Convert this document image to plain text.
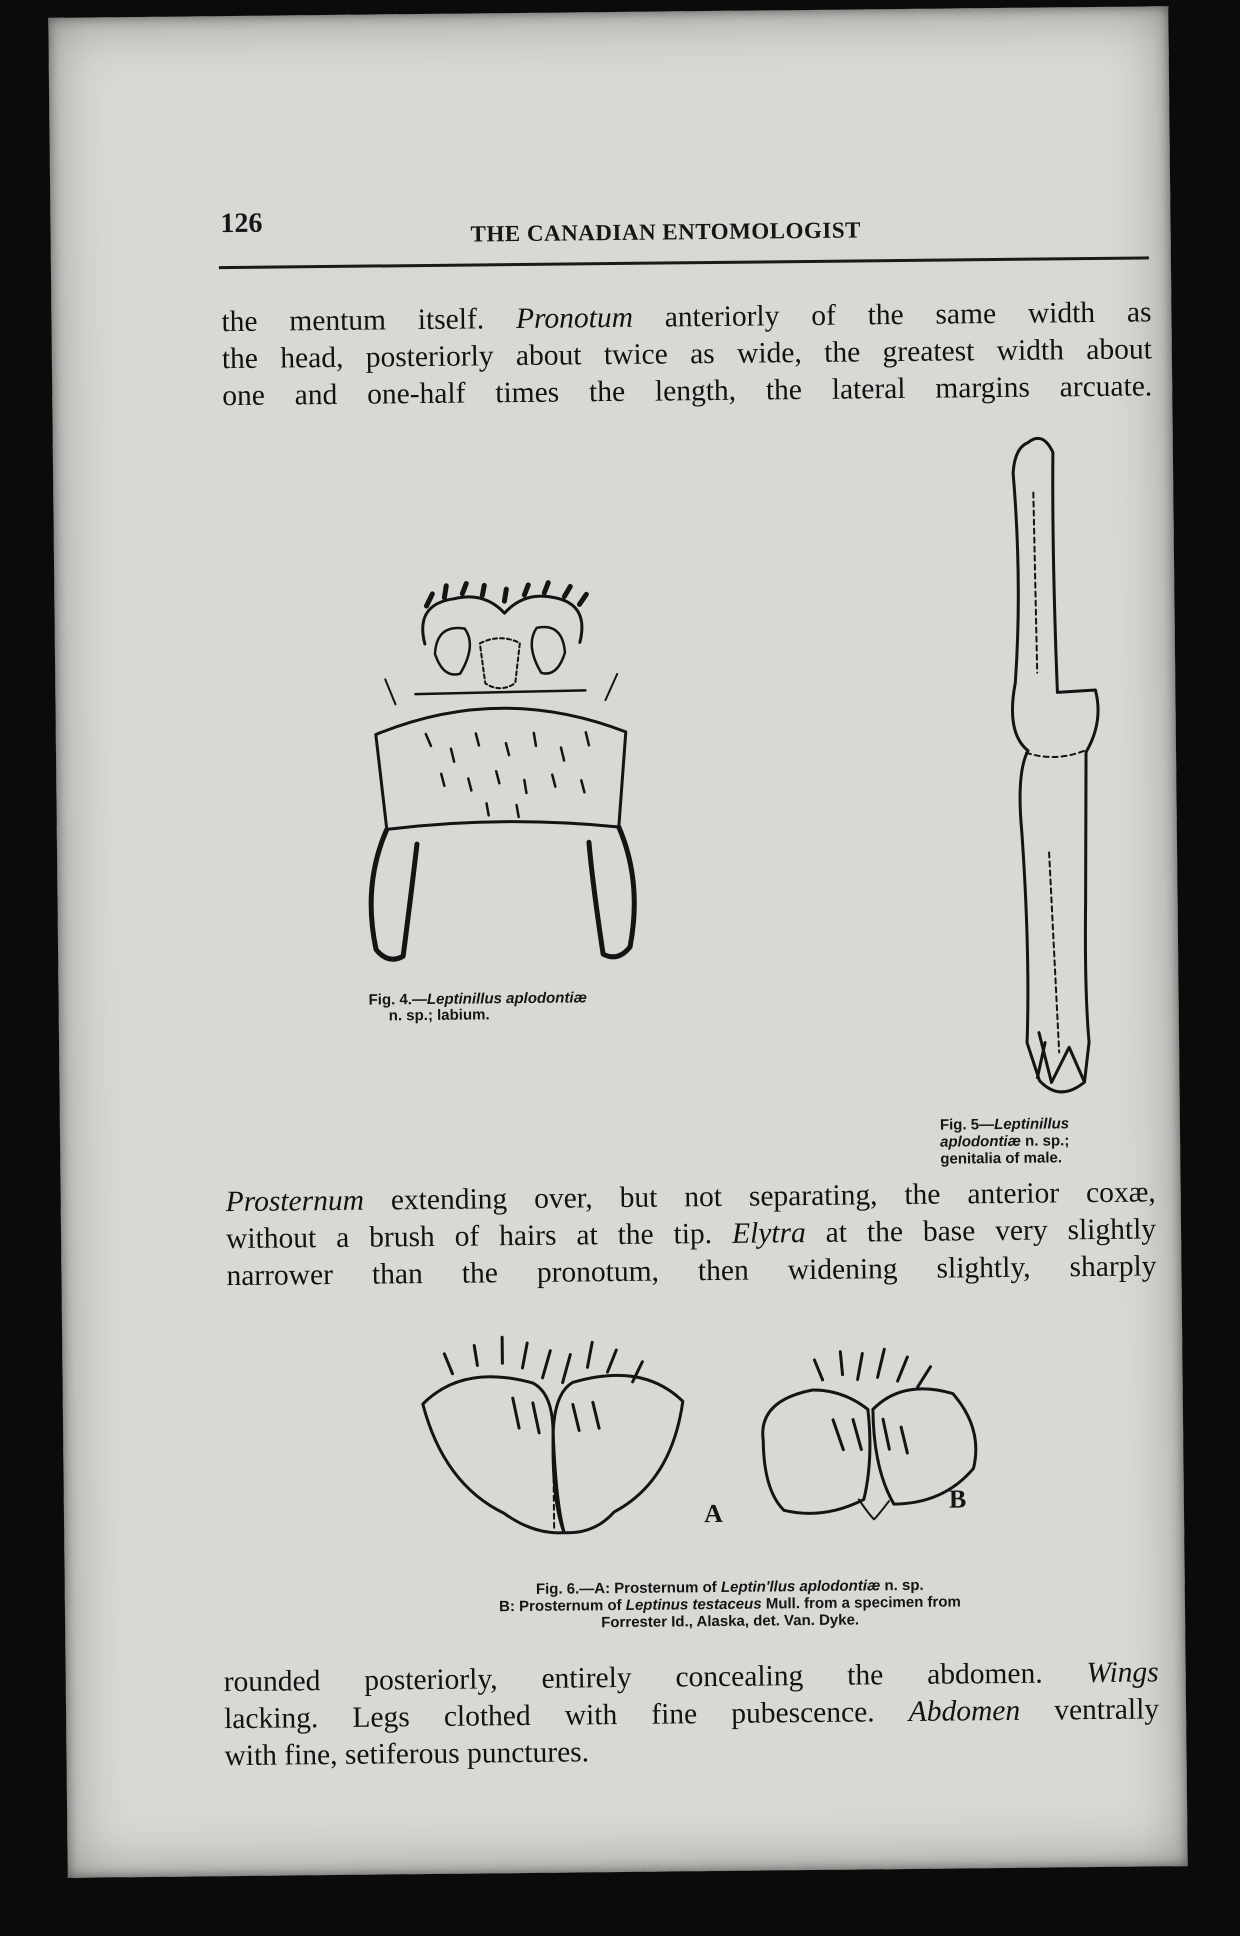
126	THE CANADIAN ENTOMOLOGIST
the mentum itself. Pronotum anteriorly of the same width as
the head, posteriorly about twice as wide, the greatest width about
one and one-half times the length, the lateral margins arcuate.
Fig. 4.—Leptinillus aplodontiæ
n. sp.; labium.
Fig. 5—Leptinillus
aplodontiæ n. sp.;
genitalia of male.
Prosternum extending over, but not separating, the anterior coxæ,
without a brush of hairs at the tip. Elytra at the base very slightly
narrower than the pronotum, then widening slightly, sharply
A	B
Fig. 6.—A: Prosternum of Leptin'llus aplodontiæ n. sp.
B: Prosternum of Leptinus testaceus Mull. from a specimen from
Forrester Id., Alaska, det. Van. Dyke.
rounded posteriorly, entirely concealing the abdomen. Wings
lacking. Legs clothed with fine pubescence. Abdomen ventrally
with fine, setiferous punctures.
